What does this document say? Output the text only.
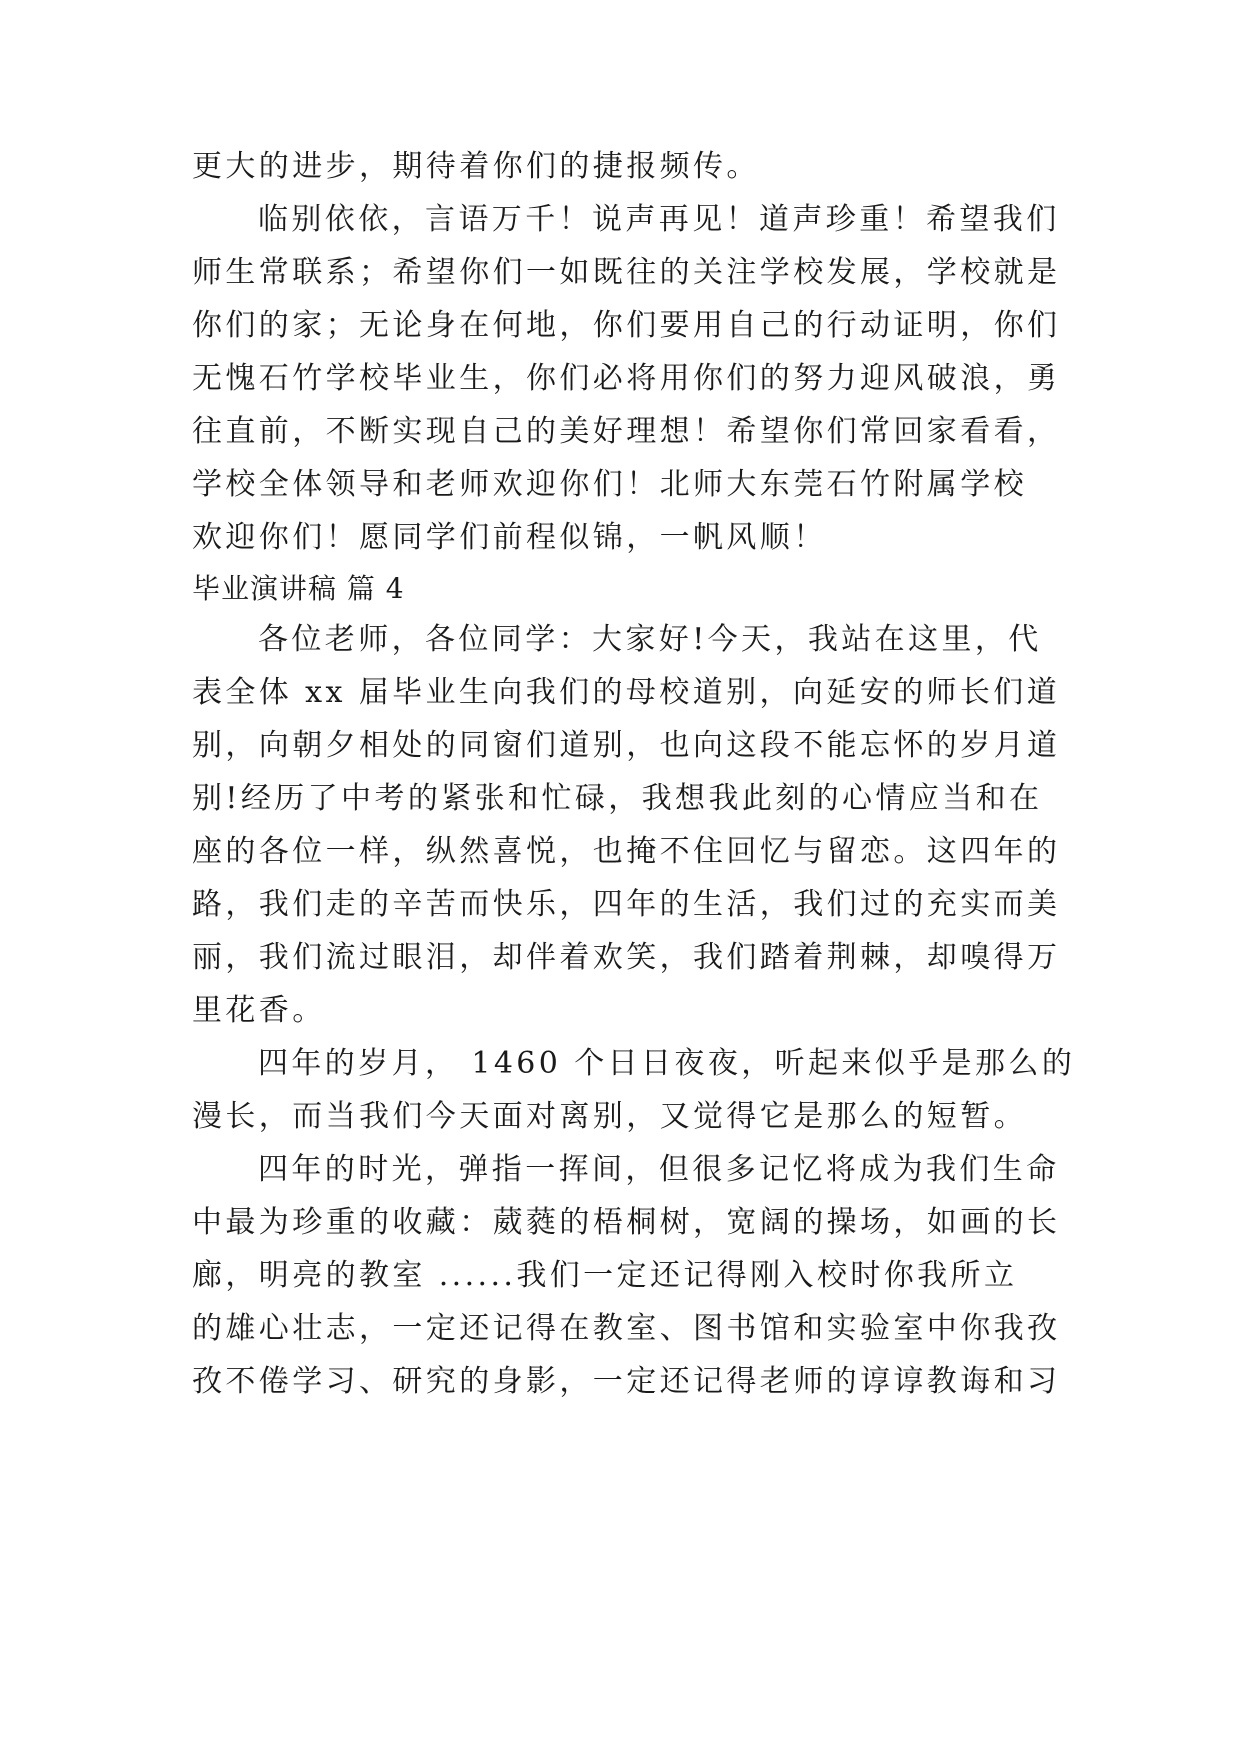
更大的进步，期待着你们的捷报频传。
临别依依，言语万千！说声再见！道声珍重！希望我们
师生常联系；希望你们一如既往的关注学校发展，学校就是
你们的家；无论身在何地，你们要用自己的行动证明，你们
无愧石竹学校毕业生，你们必将用你们的努力迎风破浪，勇
往直前，不断实现自己的美好理想！希望你们常回家看看，
学校全体领导和老师欢迎你们！北师大东莞石竹附属学校
欢迎你们！愿同学们前程似锦，一帆风顺！
毕业演讲稿 篇 4
各位老师，各位同学：大家好!今天，我站在这里，代
表全体 xx 届毕业生向我们的母校道别，向延安的师长们道
别，向朝夕相处的同窗们道别，也向这段不能忘怀的岁月道
别!经历了中考的紧张和忙碌，我想我此刻的心情应当和在
座的各位一样，纵然喜悦，也掩不住回忆与留恋。这四年的
路，我们走的辛苦而快乐，四年的生活，我们过的充实而美
丽，我们流过眼泪，却伴着欢笑，我们踏着荆棘，却嗅得万
里花香。
四年的岁月， 1460 个日日夜夜，听起来似乎是那么的
漫长，而当我们今天面对离别，又觉得它是那么的短暂。
四年的时光，弹指一挥间，但很多记忆将成为我们生命
中最为珍重的收藏：葳蕤的梧桐树，宽阔的操场，如画的长
廊，明亮的教室 ......我们一定还记得刚入校时你我所立
的雄心壮志，一定还记得在教室、图书馆和实验室中你我孜
孜不倦学习、研究的身影，一定还记得老师的谆谆教诲和习
